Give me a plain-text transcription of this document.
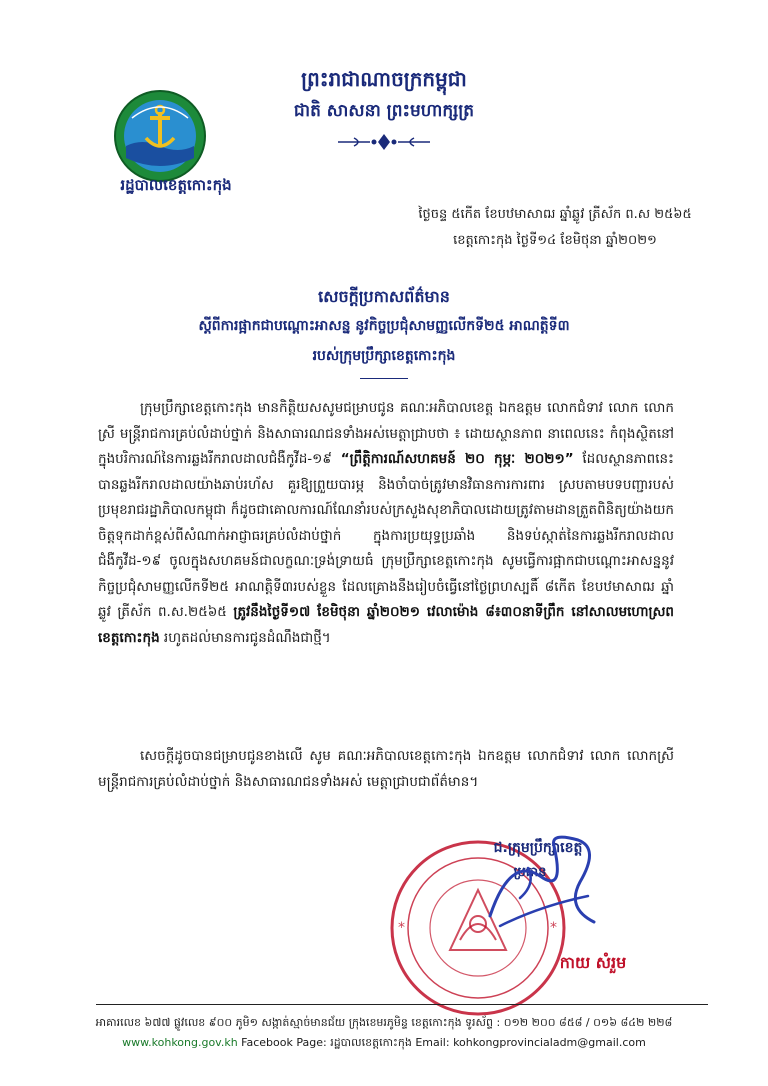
រដ្ឋបាលខេត្តកោះកុង
ព្រះរាជាណាចក្រកម្ពុជា
ជាតិ សាសនា ព្រះមហាក្សត្រ
ថ្ងៃចន្ទ ៥កើត ខែបឋមាសាឍ ឆ្នាំឆ្លូវ ត្រីស័ក ព.ស ២៥៦៥
ខេត្តកោះកុង ថ្ងៃទី១៤ ខែមិថុនា ឆ្នាំ២០២១
សេចក្ដីប្រកាសព័ត៌មាន
ស្ដីពីការផ្អាកជាបណ្ដោះអាសន្ន នូវកិច្ចប្រជុំសាមញ្ញលើកទី២៥ អាណត្តិទី៣
របស់ក្រុមប្រឹក្សាខេត្តកោះកុង
ក្រុមប្រឹក្សាខេត្តកោះកុង មានកិត្តិយសសូមជម្រាបជូន គណៈអភិបាលខេត្ត ឯកឧត្តម លោកជំទាវ លោក លោកស្រី មន្ត្រីរាជការគ្រប់លំដាប់ថ្នាក់ និងសាធារណជនទាំងអស់មេត្តាជ្រាបថា ៖ ដោយស្ថានភាព នាពេលនេះ កំពុងស្ថិតនៅក្នុងបរិការណ៍នៃការឆ្លងរីករាលដាលជំងឺកូវីដ-១៩ “ព្រឹត្តិការណ៍សហគមន៍ ២០ កុម្ភៈ ២០២១” ដែលស្ថានភាពនេះ បានឆ្លងរីករាលដាលយ៉ាងឆាប់រហ័ស គួរឱ្យព្រួយបារម្ភ និងចាំបាច់ត្រូវមានវិធានការការពារ ស្របតាមបទបញ្ជារបស់ប្រមុខរាជរដ្ឋាភិបាលកម្ពុជា ក៏ដូចជាគោលការណ៍ណែនាំរបស់ក្រសួងសុខាភិបាលដោយត្រូវតាមដានត្រួតពិនិត្យយ៉ាងយកចិត្តទុកដាក់ខ្ពស់ពីសំណាក់អាជ្ញាធរគ្រប់លំដាប់ថ្នាក់ ក្នុងការប្រយុទ្ធប្រឆាំង និងទប់ស្កាត់នៃការឆ្លងរីករាលដាលជំងឺកូវីដ-១៩ ចូលក្នុងសហគមន៍ជាលក្ខណៈទ្រង់ទ្រាយធំ ក្រុមប្រឹក្សាខេត្តកោះកុង សូមធ្វើការផ្អាកជាបណ្ដោះអាសន្ននូវកិច្ចប្រជុំសាមញ្ញលើកទី២៥ អាណត្តិទី៣របស់ខ្លួន ដែលគ្រោងនឹងរៀបចំធ្វើនៅថ្ងៃព្រហស្បតិ៍ ៨កើត ខែបឋមាសាឍ ឆ្នាំឆ្លូវ ត្រីស័ក ព.ស.២៥៦៥ ត្រូវនឹងថ្ងៃទី១៧ ខែមិថុនា ឆ្នាំ២០២១ វេលាម៉ោង ៨៖៣០នាទីព្រឹក នៅសាលមហោស្រពខេត្តកោះកុង រហូតដល់មានការជូនដំណឹងជាថ្មី។
សេចក្ដីដូចបានជម្រាបជូនខាងលើ សូម គណៈអភិបាលខេត្តកោះកុង ឯកឧត្តម លោកជំទាវ លោក លោកស្រី មន្ត្រីរាជការគ្រប់លំដាប់ថ្នាក់ និងសាធារណជនទាំងអស់ មេត្តាជ្រាបជាព័ត៌មាន។
*	*
ជ.ក្រុមប្រឹក្សាខេត្ត
ប្រធាន
កាយ សំរួម
អាគារលេខ ៦៧៧ ផ្លូវលេខ ៩០០ ភូមិ១ សង្កាត់ស្មាច់មានជ័យ ក្រុងខេមរភូមិន្ទ ខេត្តកោះកុង ទូរស័ព្ទ : ០១២ ២០០ ៨៥៨ / ០១៦ ៨៤២ ២២៨
www.kohkong.gov.kh Facebook Page: រដ្ឋបាលខេត្តកោះកុង Email: kohkongprovincialadm@gmail.com
